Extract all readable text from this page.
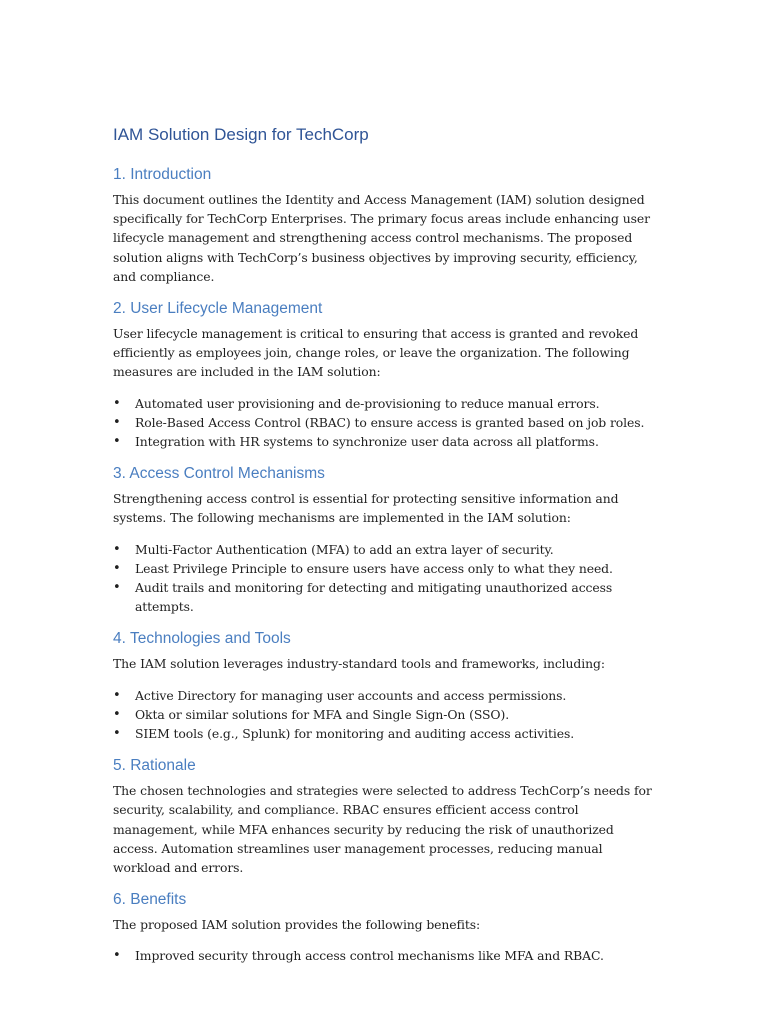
IAM Solution Design for TechCorp
1. Introduction

This document outlines the Identity and Access Management (IAM) solution designed specifically for TechCorp Enterprises. The primary focus areas include enhancing user lifecycle management and strengthening access control mechanisms. The proposed solution aligns with TechCorp’s business objectives by improving security, efficiency, and compliance.

2. User Lifecycle Management

User lifecycle management is critical to ensuring that access is granted and revoked efficiently as employees join, change roles, or leave the organization. The following measures are included in the IAM solution:

• Automated user provisioning and de-provisioning to reduce manual errors.
• Role-Based Access Control (RBAC) to ensure access is granted based on job roles.
• Integration with HR systems to synchronize user data across all platforms.
3. Access Control Mechanisms

Strengthening access control is essential for protecting sensitive information and systems. The following mechanisms are implemented in the IAM solution:

• Multi-Factor Authentication (MFA) to add an extra layer of security.
• Least Privilege Principle to ensure users have access only to what they need.
• Audit trails and monitoring for detecting and mitigating unauthorized access attempts.
4. Technologies and Tools

The IAM solution leverages industry-standard tools and frameworks, including:

• Active Directory for managing user accounts and access permissions.
• Okta or similar solutions for MFA and Single Sign-On (SSO).
• SIEM tools (e.g., Splunk) for monitoring and auditing access activities.
5. Rationale

The chosen technologies and strategies were selected to address TechCorp’s needs for security, scalability, and compliance. RBAC ensures efficient access control management, while MFA enhances security by reducing the risk of unauthorized access. Automation streamlines user management processes, reducing manual workload and errors.

6. Benefits

The proposed IAM solution provides the following benefits:

• Improved security through access control mechanisms like MFA and RBAC.
